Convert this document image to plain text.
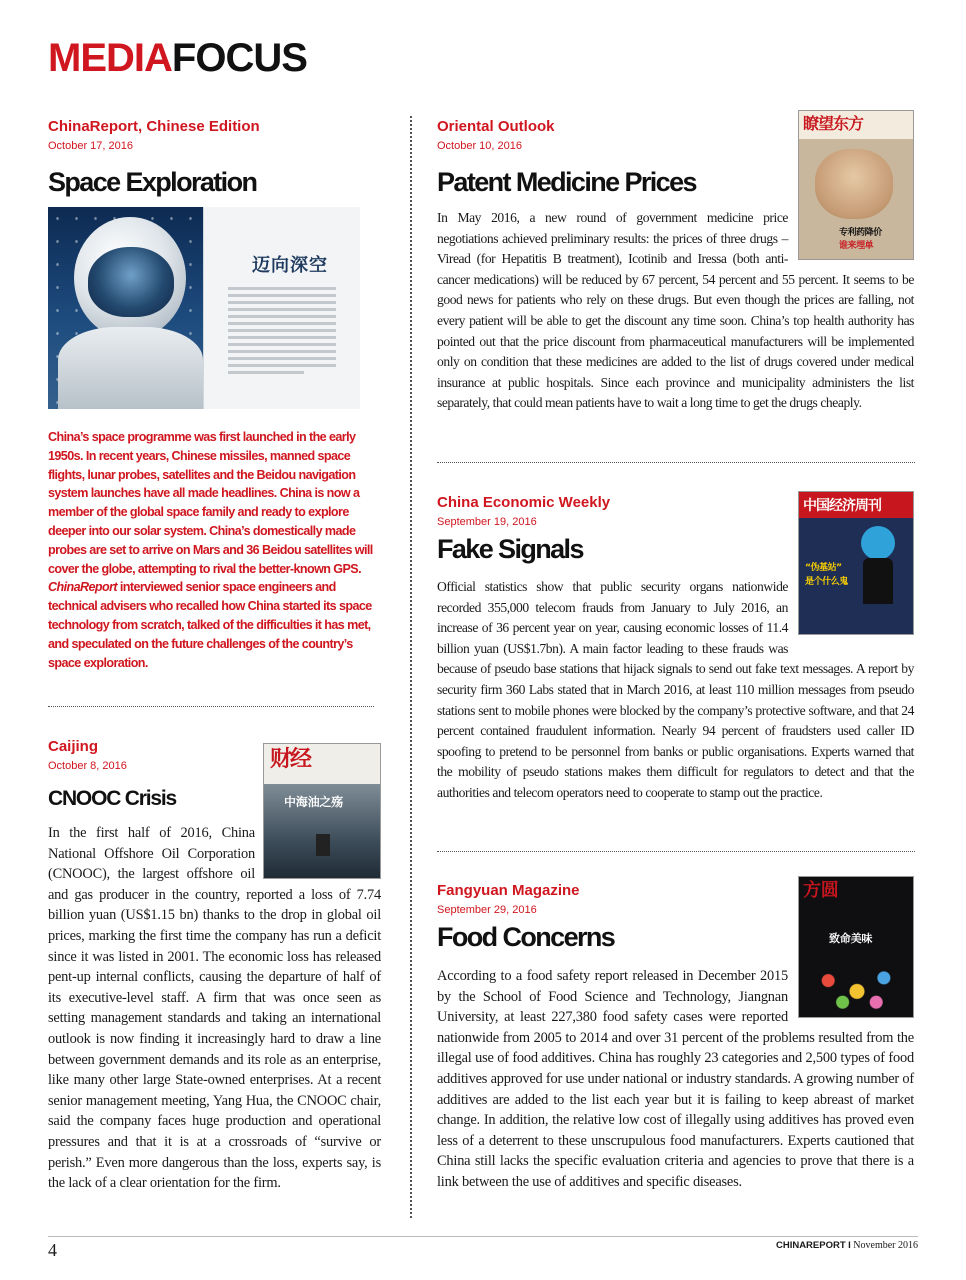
MEDIAFOCUS
ChinaReport, Chinese Edition
October 17, 2016
Space Exploration
迈向深空
China’s space programme was first launched in the early 1950s. In recent years, Chinese missiles, manned space flights, lunar probes, satellites and the Beidou navigation system launches have all made headlines. China is now a member of the global space family and ready to explore deeper into our solar system. China’s domestically made probes are set to arrive on Mars and 36 Beidou satellites will cover the globe, attempting to rival the better-known GPS. ChinaReport interviewed senior space engineers and technical advisers who recalled how China started its space technology from scratch, talked of the difficulties it has met, and speculated on the future challenges of the country’s space exploration.
Caijing
October 8, 2016
CNOOC Crisis
财经
中海油之殇
In the first half of 2016, China National Offshore Oil Corporation (CNOOC), the largest offshore oil and gas producer in the country, reported a loss of 7.74 billion yuan (US$1.15 bn) thanks to the drop in global oil prices, marking the first time the company has run a deficit since it was listed in 2001. The economic loss has released pent-up internal conflicts, causing the departure of half of its executive-level staff. A firm that was once seen as setting management standards and taking an international outlook is now finding it increasingly hard to draw a line between government demands and its role as an enterprise, like many other large State-owned enterprises. At a recent senior management meeting, Yang Hua, the CNOOC chair, said the company faces huge production and operational pressures and that it is at a crossroads of “survive or perish.” Even more dangerous than the loss, experts say, is the lack of a clear orientation for the firm.
Oriental Outlook
October 10, 2016
Patent Medicine Prices
瞭望东方
专利药降价
谁来埋单
In May 2016, a new round of government medicine price negotiations achieved preliminary results: the prices of three drugs – Viread (for Hepatitis B treatment), Icotinib and Iressa (both anti-cancer medications) will be reduced by 67 percent, 54 percent and 55 percent. It seems to be good news for patients who rely on these drugs. But even though the prices are falling, not every patient will be able to get the discount any time soon. China’s top health authority has pointed out that the price discount from pharmaceutical manufacturers will be implemented only on condition that these medicines are added to the list of drugs covered under medical insurance at public hospitals. Since each province and municipality administers the list separately, that could mean patients have to wait a long time to get the drugs cheaply.
China Economic Weekly
September 19, 2016
Fake Signals
中国经济周刊
“伪基站”
是个什么鬼
Official statistics show that public security organs nationwide recorded 355,000 telecom frauds from January to July 2016, an increase of 36 percent year on year, causing economic losses of 11.4 billion yuan (US$1.7bn). A main factor leading to these frauds was because of pseudo base stations that hijack signals to send out fake text messages. A report by security firm 360 Labs stated that in March 2016, at least 110 million messages from pseudo stations sent to mobile phones were blocked by the company’s protective software, and that 24 percent contained fraudulent information. Nearly 94 percent of fraudsters used caller ID spoofing to pretend to be personnel from banks or public organisations. Experts warned that the mobility of pseudo stations makes them difficult for regulators to detect and that the authorities and telecom operators need to cooperate to stamp out the practice.
Fangyuan Magazine
September 29, 2016
Food Concerns
方圆
致命美味
According to a food safety report released in December 2015 by the School of Food Science and Technology, Jiangnan University, at least 227,380 food safety cases were reported nationwide from 2005 to 2014 and over 31 percent of the problems resulted from the illegal use of food additives. China has roughly 23 categories and 2,500 types of food additives approved for use under national or industry standards. A growing number of additives are added to the list each year but it is failing to keep abreast of market change. In addition, the relative low cost of illegally using additives has proved even less of a deterrent to these unscrupulous food manufacturers. Experts cautioned that China still lacks the specific evaluation criteria and agencies to prove that there is a link between the use of additives and specific diseases.
4	CHINAREPORT I November 2016
